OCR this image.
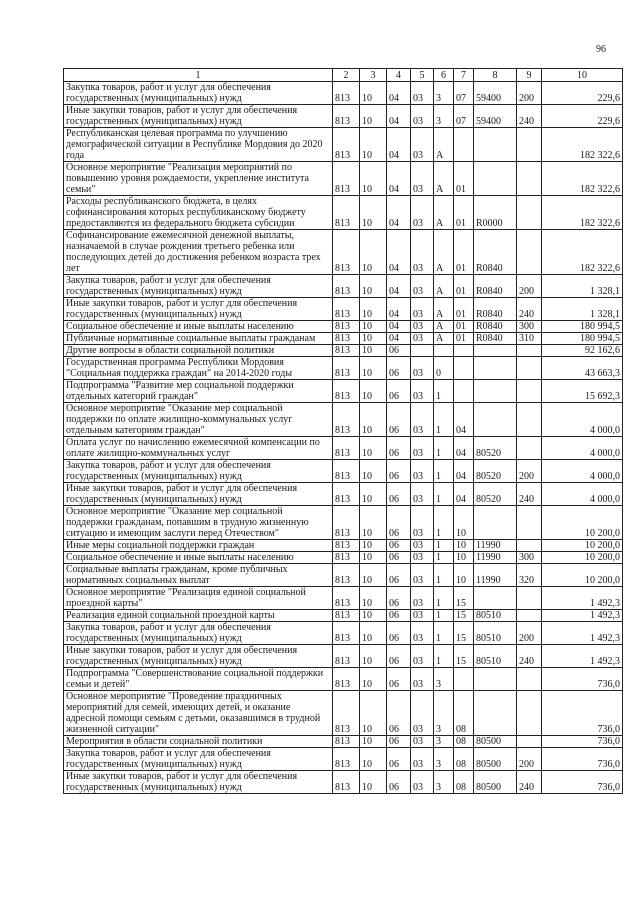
96
1	2	3	4	5	6	7	8	9	10
Закупка товаров, работ и услуг для обеспечения государственных (муниципальных) нужд	813	10	04	03	3	07	59400	200	229,6
Иные закупки товаров, работ и услуг для обеспечения государственных (муниципальных) нужд	813	10	04	03	3	07	59400	240	229,6
Республиканская целевая программа по улучшению демографической ситуации в Республике Мордовия до 2020 года	813	10	04	03	А				182 322,6
Основное мероприятие "Реализация мероприятий по повышению уровня рождаемости, укрепление института семьи"	813	10	04	03	А	01			182 322,6
Расходы республиканского бюджета, в целях софинансирования которых республиканскому бюджету предоставляются из федерального бюджета субсидии	813	10	04	03	А	01	R0000		182 322,6
Софинансирование ежемесячной денежной выплаты, назначаемой в случае рождения третьего ребенка или последующих детей до достижения ребенком возраста трех лет	813	10	04	03	А	01	R0840		182 322,6
Закупка товаров, работ и услуг для обеспечения государственных (муниципальных) нужд	813	10	04	03	А	01	R0840	200	1 328,1
Иные закупки товаров, работ и услуг для обеспечения государственных (муниципальных) нужд	813	10	04	03	А	01	R0840	240	1 328,1
Социальное обеспечение и иные выплаты населению	813	10	04	03	А	01	R0840	300	180 994,5
Публичные нормативные социальные выплаты гражданам	813	10	04	03	А	01	R0840	310	180 994,5
Другие вопросы в области социальной политики	813	10	06						92 162,6
Государственная программа Республики Мордовия "Социальная поддержка граждан" на 2014-2020 годы	813	10	06	03	0				43 663,3
Подпрограмма "Развитие мер социальной поддержки отдельных категорий граждан"	813	10	06	03	1				15 692,3
Основное мероприятие "Оказание мер социальной поддержки по оплате жилищно-коммунальных услуг отдельным категориям граждан"	813	10	06	03	1	04			4 000,0
Оплата услуг по начислению ежемесячной компенсации по оплате жилищно-коммунальных услуг	813	10	06	03	1	04	80520		4 000,0
Закупка товаров, работ и услуг для обеспечения государственных (муниципальных) нужд	813	10	06	03	1	04	80520	200	4 000,0
Иные закупки товаров, работ и услуг для обеспечения государственных (муниципальных) нужд	813	10	06	03	1	04	80520	240	4 000,0
Основное мероприятие "Оказание мер социальной поддержки гражданам, попавшим в трудную жизненную ситуацию и имеющим заслуги перед Отечеством"	813	10	06	03	1	10			10 200,0
Иные меры социальной поддержки граждан	813	10	06	03	1	10	11990		10 200,0
Социальное обеспечение и иные выплаты населению	813	10	06	03	1	10	11990	300	10 200,0
Социальные выплаты гражданам, кроме публичных нормативных социальных выплат	813	10	06	03	1	10	11990	320	10 200,0
Основное мероприятие "Реализация единой социальной проездной карты"	813	10	06	03	1	15			1 492,3
Реализация единой социальной проездной карты	813	10	06	03	1	15	80510		1 492,3
Закупка товаров, работ и услуг для обеспечения государственных (муниципальных) нужд	813	10	06	03	1	15	80510	200	1 492,3
Иные закупки товаров, работ и услуг для обеспечения государственных (муниципальных) нужд	813	10	06	03	1	15	80510	240	1 492,3
Подпрограмма "Совершенствование социальной поддержки семьи и детей"	813	10	06	03	3				736,0
Основное мероприятие "Проведение праздничных мероприятий для семей, имеющих детей, и оказание адресной помощи семьям с детьми, оказавшимся в трудной жизненной ситуации"	813	10	06	03	3	08			736,0
Мероприятия в области социальной политики	813	10	06	03	3	08	80500		736,0
Закупка товаров, работ и услуг для обеспечения государственных (муниципальных) нужд	813	10	06	03	3	08	80500	200	736,0
Иные закупки товаров, работ и услуг для обеспечения государственных (муниципальных) нужд	813	10	06	03	3	08	80500	240	736,0
